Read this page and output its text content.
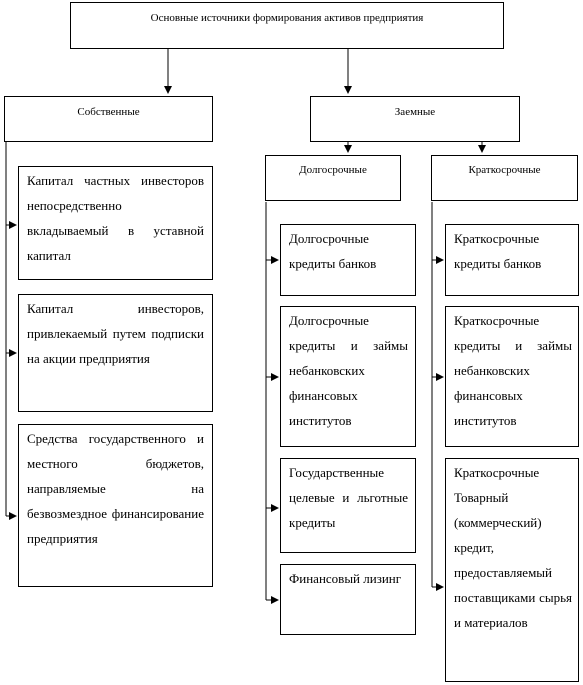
Основные источники формирования активов предприятия
Собственные	Заемные
Долгосрочные	Краткосрочные
Капитал частных инвесторов непосредственно вкладываемый в уставной капитал
Капитал инвесторов, привлекаемый путем подписки на акции предприятия
Средства государственного и местного бюджетов, направляемые на безвозмездное финансирование предприятия
Долгосрочные кредиты банков
Долгосрочные кредиты и займы небанковских финансовых институтов
Государственные целевые и льготные кредиты
Финансовый лизинг
Краткосрочные кредиты банков
Краткосрочные кредиты и займы небанковских финансовых институтов
Краткосрочные Товарный (коммерческий) кредит, предоставляемый поставщиками сырья и материалов
